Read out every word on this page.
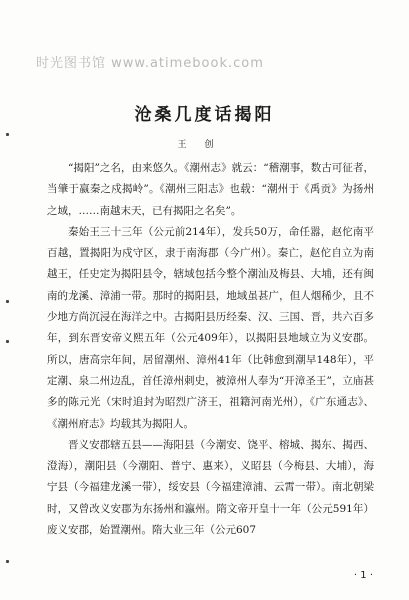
时光图书馆 www.atimebook.com
沧桑几度话揭阳
王创

“揭阳”之名，由来悠久。《潮州志》就云：“稽潮事，数古可征者，当肇于嬴秦之戍揭岭”。《潮州三阳志》也载：“潮州于《禹贡》为扬州之域，……南越末天，已有揭阳之名矣”。

秦始王三十三年（公元前214年），发兵50万，命任嚣，赵佗南平百越，置揭阳为戍守区，隶于南海郡（今广州）。秦亡，赵佗自立为南越王，任史定为揭阳县令，辖域包括今整个潮汕及梅县、大埔，还有闽南的龙溪、漳浦一带。那时的揭阳县，地域虽甚广，但人烟稀少，且不少地方尚沉浸在海洋之中。古揭阳县历经秦、汉、三国、晋，共六百多年，到东晋安帝义熙五年（公元409年），以揭阳县地域立为义安郡。所以，唐高宗年间，居留潮州、漳州41年（比韩愈到潮早148年），平定潮、泉二州边乱，首任漳州刺史，被漳州人奉为“开漳圣王”，立庙甚多的陈元光（宋时追封为昭烈广济王，祖籍河南光州），《广东通志》、《潮州府志》均载其为揭阳人。

晋义安郡辖五县——海阳县（今潮安、饶平、榕城、揭东、揭西、澄海），潮阳县（今潮阳、普宁、惠来），义昭县（今梅县、大埔），海宁县（今福建龙溪一带），绥安县（今福建漳浦、云霄一带）。南北朝梁时，又曾改义安郡为东扬州和瀛州。隋文帝开皇十一年（公元591年）废义安郡，始置潮州。隋大业三年（公元607

· 1 ·
